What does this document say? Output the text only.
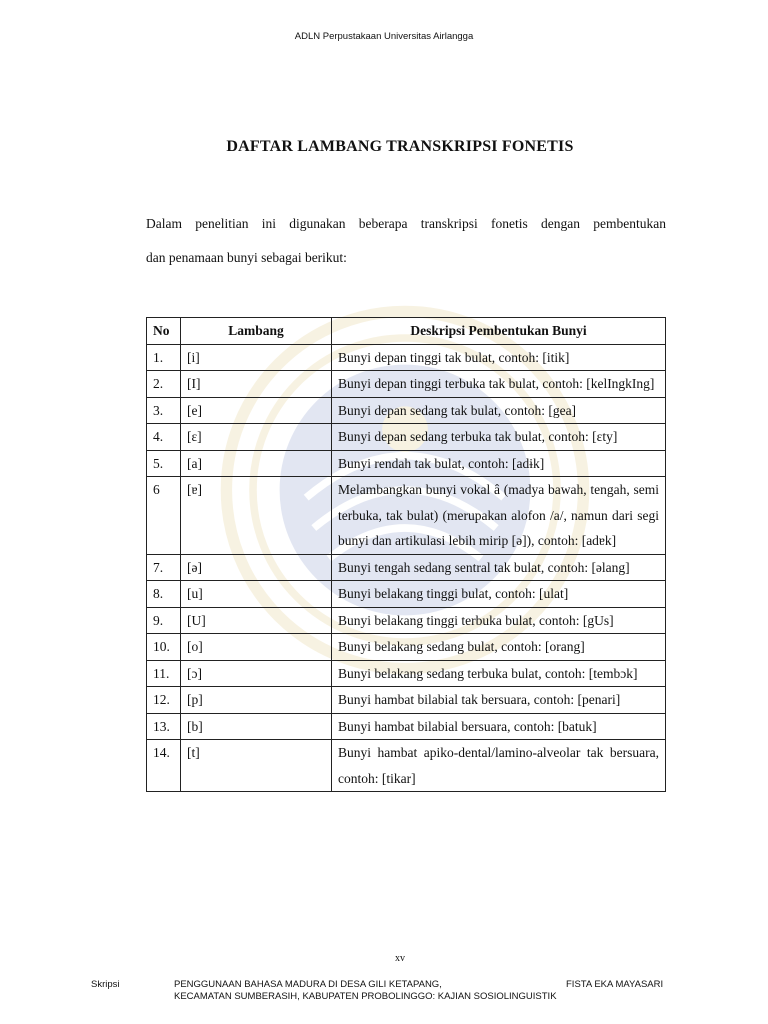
ADLN Perpustakaan Universitas Airlangga
DAFTAR LAMBANG TRANSKRIPSI FONETIS
Dalam penelitian ini digunakan beberapa transkripsi fonetis dengan pembentukan
dan penamaan bunyi sebagai berikut:
No	Lambang	Deskripsi Pembentukan Bunyi
1.	[i]	Bunyi depan tinggi tak bulat, contoh: [itik]
2.	[I]	Bunyi depan tinggi terbuka tak bulat, contoh: [kelIngkIng]
3.	[e]	Bunyi depan sedang tak bulat, contoh: [gea]
4.	[ɛ]	Bunyi depan sedang terbuka tak bulat, contoh: [ɛty]
5.	[a]	Bunyi rendah tak bulat, contoh: [adɨk]
6	[ɐ]	Melambangkan bunyi vokal â (madya bawah, tengah, semi terbuka, tak bulat) (merupakan alofon /a/, namun dari segi bunyi dan artikulasi lebih mirip [ə]), contoh: [adɐk]
7.	[ə]	Bunyi tengah sedang sentral tak bulat, contoh: [əlang]
8.	[u]	Bunyi belakang tinggi bulat, contoh: [ulat]
9.	[U]	Bunyi belakang tinggi terbuka bulat, contoh: [gUs]
10.	[o]	Bunyi belakang sedang bulat, contoh: [orang]
11.	[ɔ]	Bunyi belakang sedang terbuka bulat, contoh: [tembɔk]
12.	[p]	Bunyi hambat bilabial tak bersuara, contoh: [penari]
13.	[b]	Bunyi hambat bilabial bersuara, contoh: [batuk]
14.	[t]	Bunyi hambat apiko-dental/lamino-alveolar tak bersuara, contoh: [tikar]
xv
Skripsi	PENGGUNAAN BAHASA MADURA DI DESA GILI KETAPANG,
KECAMATAN SUMBERASIH, KABUPATEN PROBOLINGGO: KAJIAN SOSIOLINGUISTIK
FISTA EKA MAYASARI
